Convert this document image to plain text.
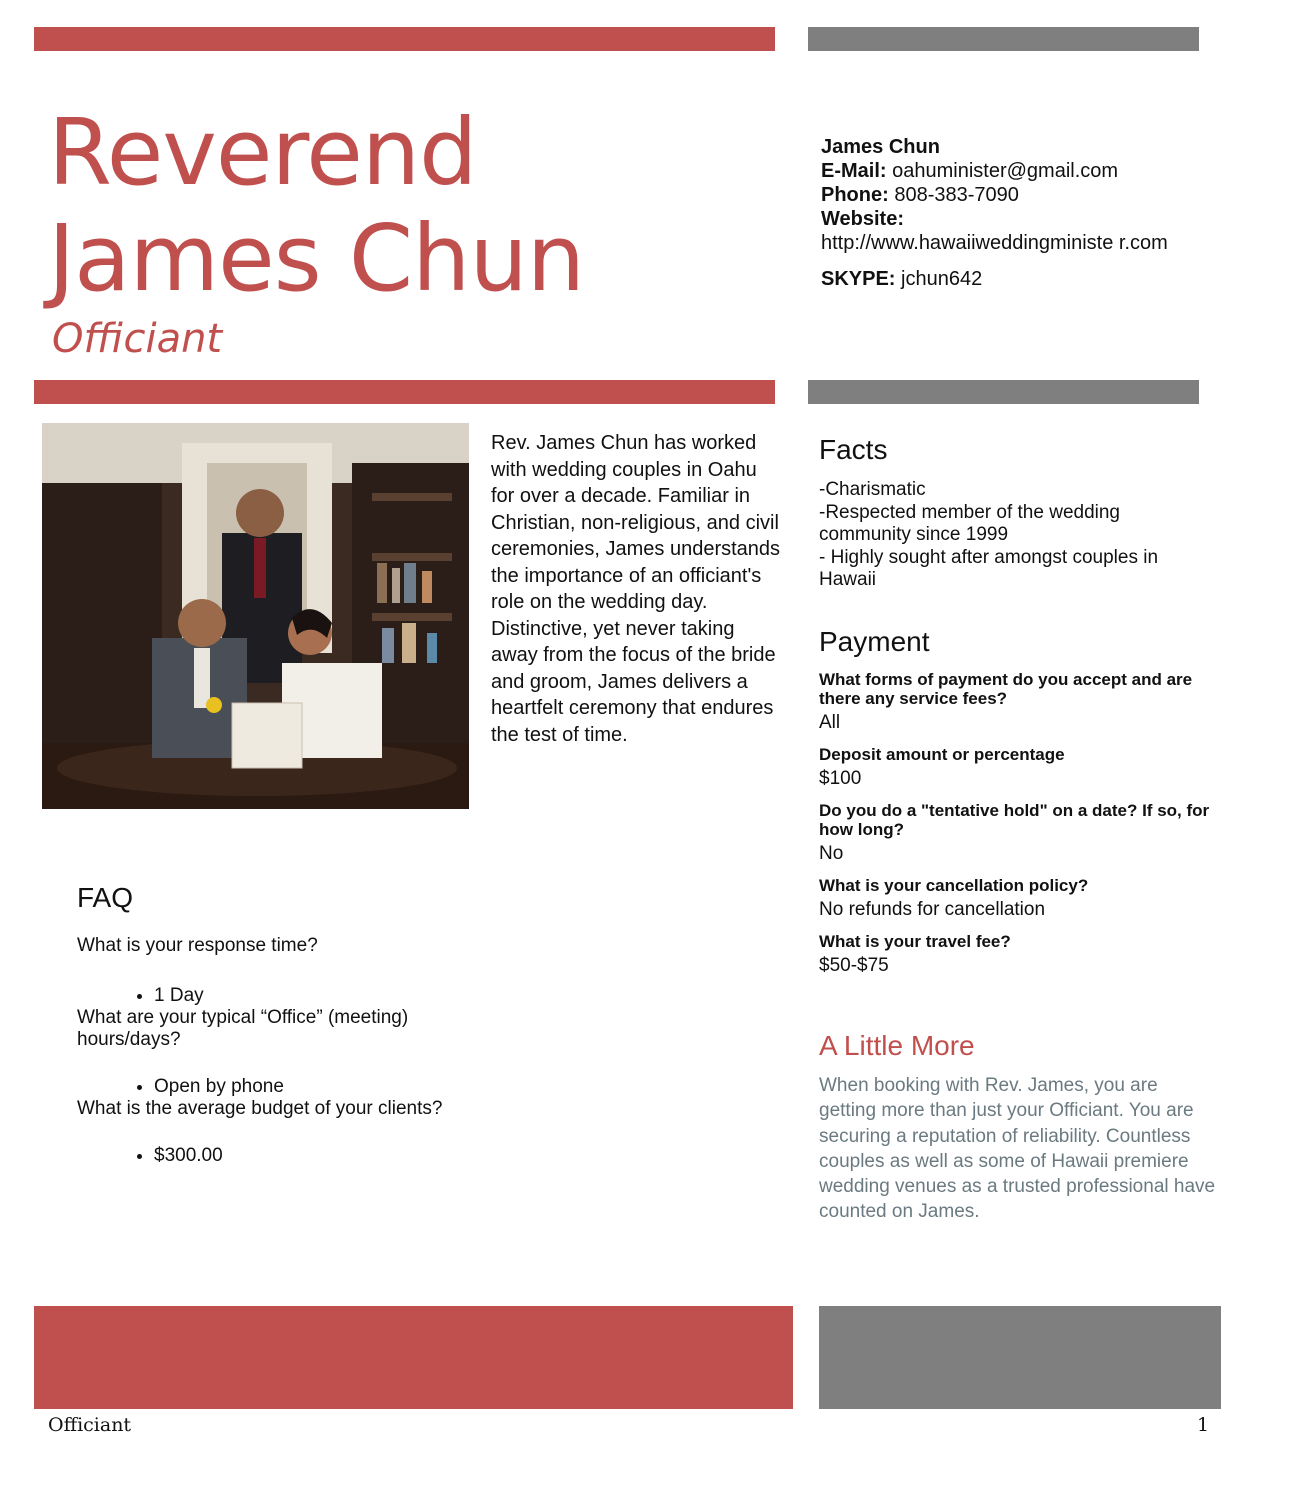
Reverend
James Chun
Officiant
James Chun
E-Mail: oahuminister@gmail.com
Phone: 808-383-7090
Website:
http://www.hawaiiweddingministe r.com
SKYPE: jchun642

Rev. James Chun has worked with wedding couples in Oahu for over a decade. Familiar in Christian, non-religious, and civil ceremonies, James understands the importance of an officiant's role on the wedding day. Distinctive, yet never taking away from the focus of the bride and groom, James delivers a heartfelt ceremony that endures the test of time.

Facts
-Charismatic
-Respected member of the wedding community since 1999
- Highly sought after amongst couples in Hawaii
Payment

What forms of payment do you accept and are there any service fees?

All

Deposit amount or percentage

$100

Do you do a "tentative hold" on a date? If so, for how long?

No

What is your cancellation policy?

No refunds for cancellation

What is your travel fee?

$50-$75

A Little More

When booking with Rev. James, you are getting more than just your Officiant. You are securing a reputation of reliability. Countless couples as well as some of Hawaii premiere wedding venues as a trusted professional have counted on James.

FAQ

What is your response time?

• 1 Day

What are your typical “Office” (meeting) hours/days?

• Open by phone

What is the average budget of your clients?

• $300.00
Officiant	1
